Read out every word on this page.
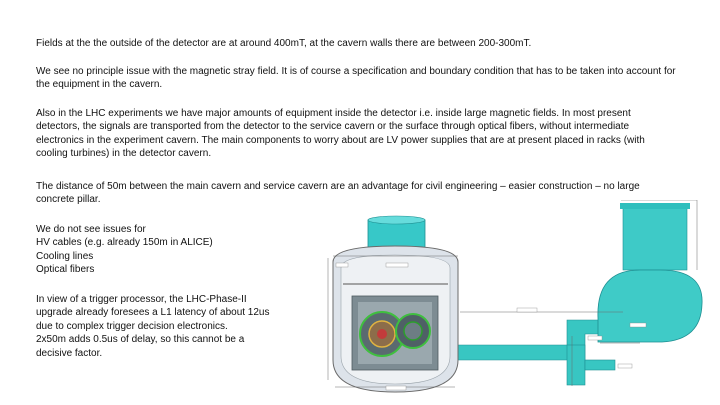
Fields at the the outside of the detector are at around 400mT, at the cavern walls there are between 200-300mT.

We see no principle issue with the magnetic stray field. It is of course a specification and boundary condition that has to be taken into account for the equipment in the cavern.

Also in the LHC experiments we have major amounts of equipment inside the detector i.e. inside large magnetic fields. In most present detectors, the signals are transported from the detector to the service cavern or the surface through optical fibers, without intermediate electronics in the experiment cavern. The main components to worry about are LV power supplies that are at present placed in racks (with cooling turbines) in the detector cavern.

The distance of 50m between the main cavern and service cavern are an advantage for civil engineering – easier construction – no large concrete pillar.

We do not see issues for
HV cables (e.g. already 150m in ALICE)
Cooling lines
Optical fibers
In view of a trigger processor, the LHC-Phase-II
upgrade already foresees a L1 latency of about 12us
due to complex trigger decision electronics.
2x50m adds 0.5us of delay, so this cannot be a
decisive factor.
